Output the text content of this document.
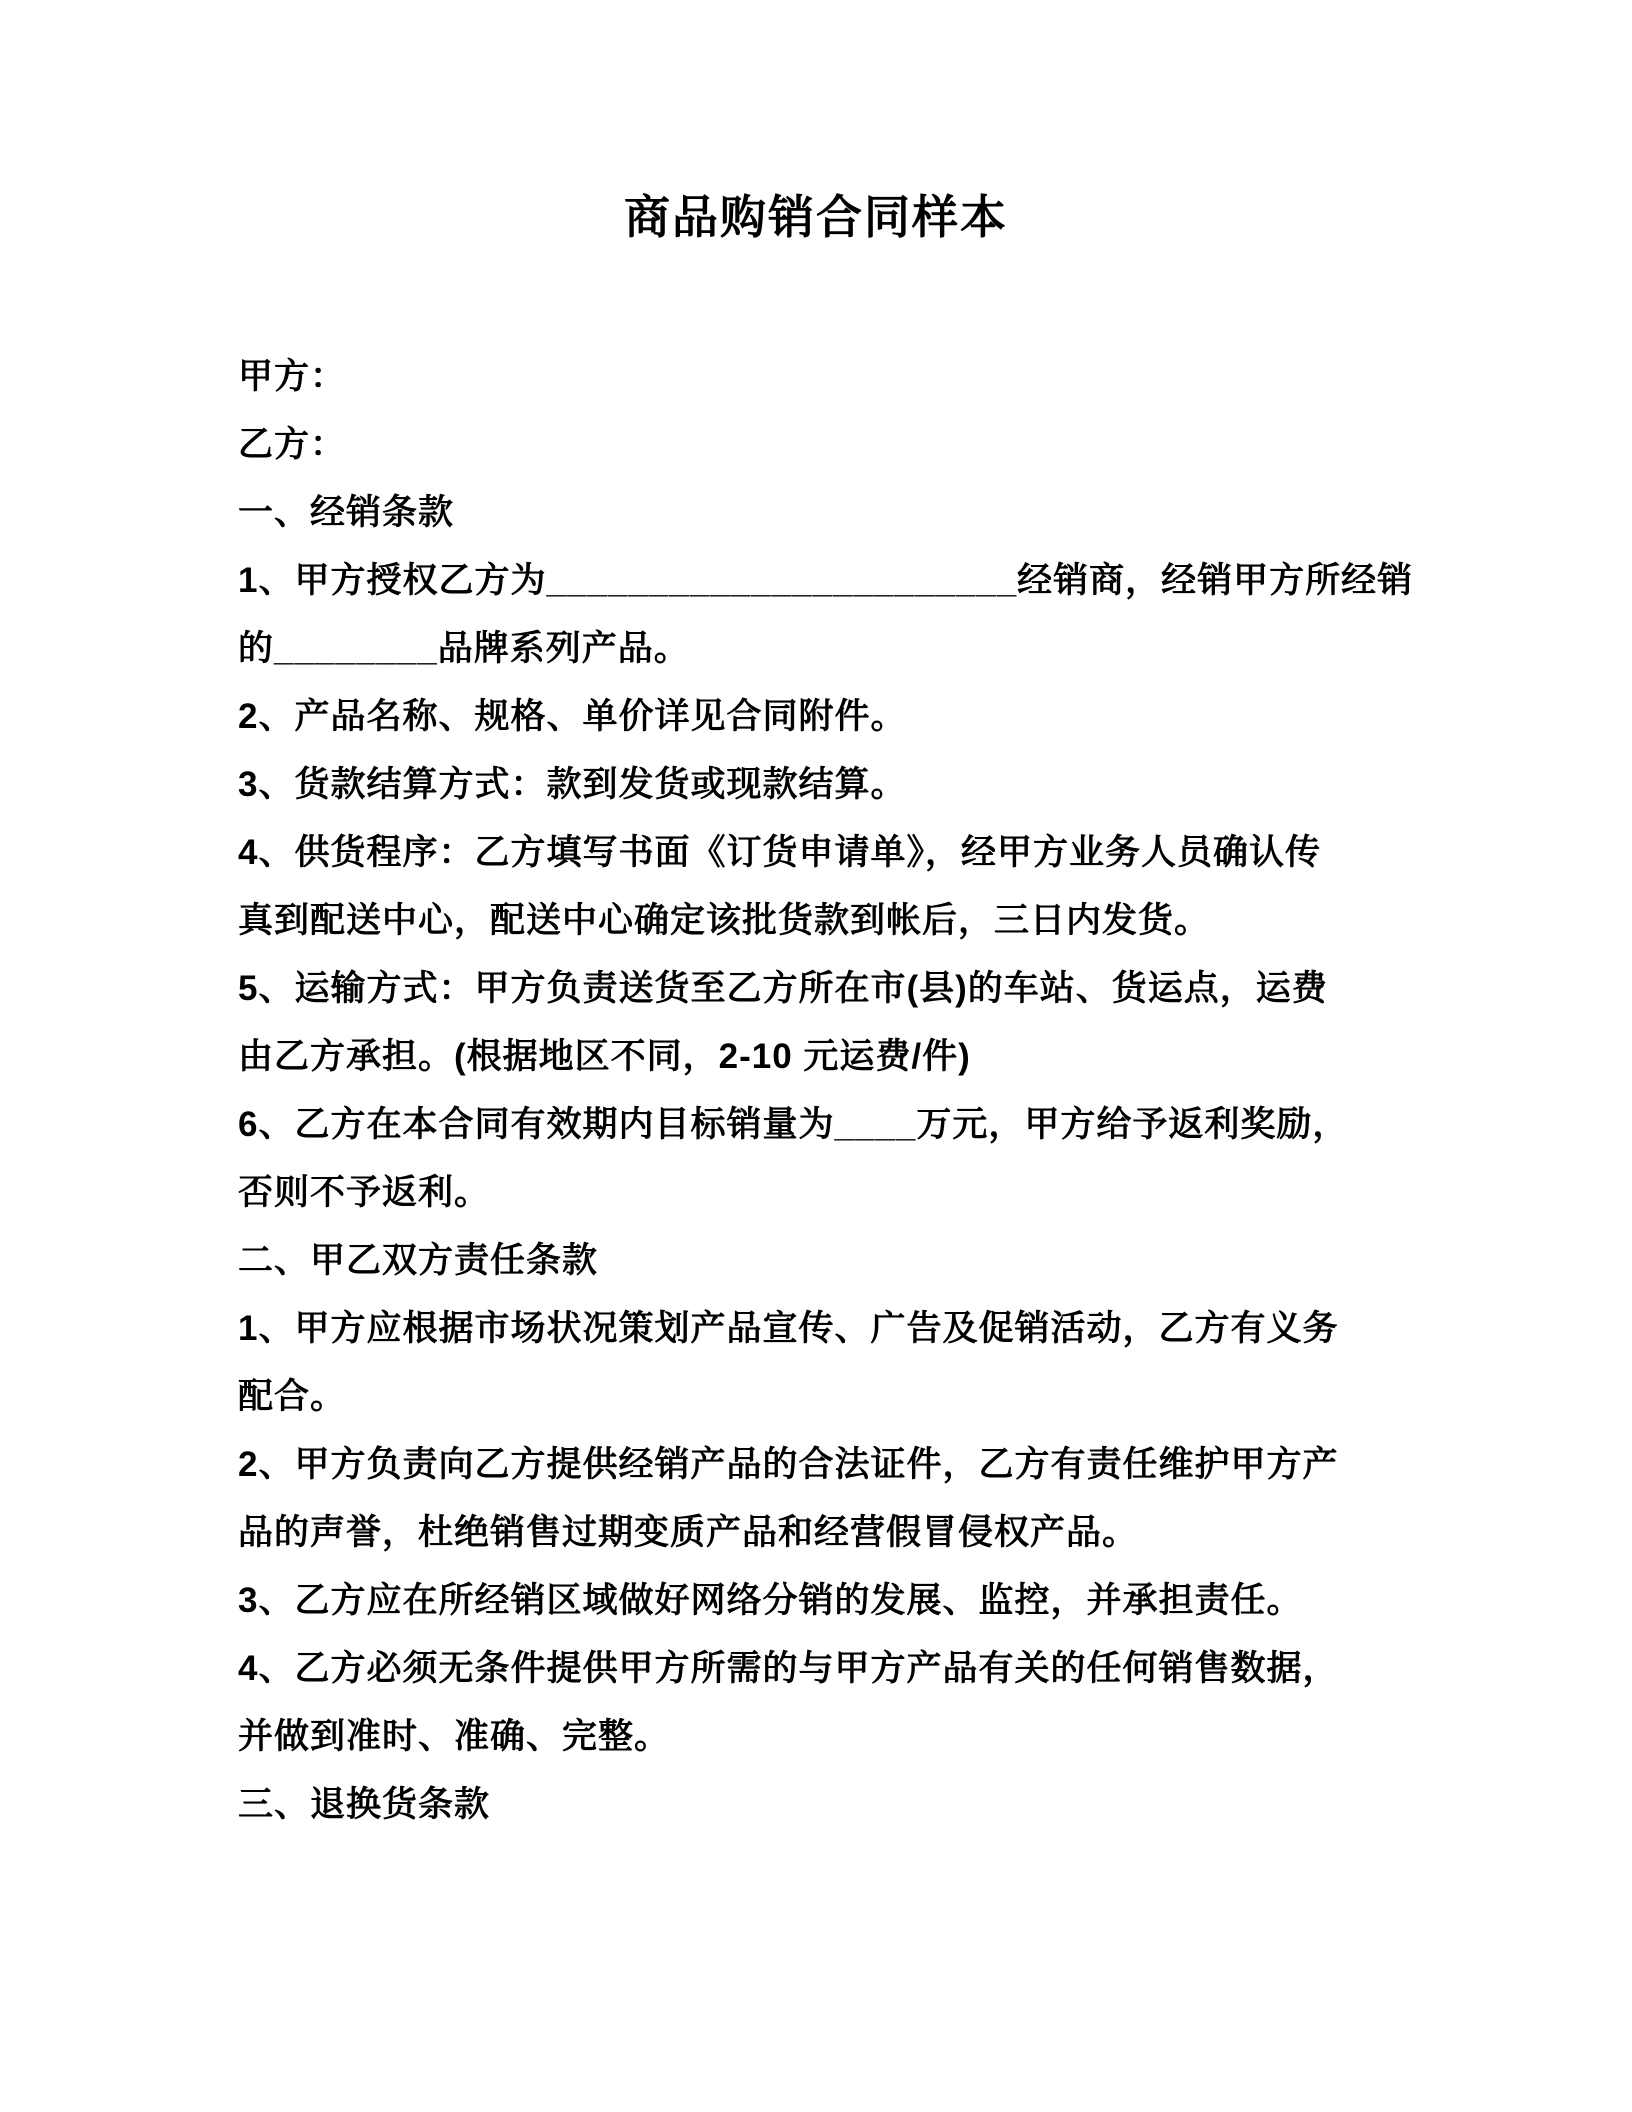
商品购销合同样本
甲方：
乙方：
一、经销条款
1、甲方授权乙方为_______________________经销商，经销甲方所经销
的________品牌系列产品。
2、产品名称、规格、单价详见合同附件。
3、货款结算方式：款到发货或现款结算。
4、供货程序：乙方填写书面《订货申请单》，经甲方业务人员确认传
真到配送中心，配送中心确定该批货款到帐后，三日内发货。
5、运输方式：甲方负责送货至乙方所在市(县)的车站、货运点，运费
由乙方承担。(根据地区不同，2-10 元运费/件)
6、乙方在本合同有效期内目标销量为____万元，甲方给予返利奖励，
否则不予返利。
二、甲乙双方责任条款
1、甲方应根据市场状况策划产品宣传、广告及促销活动，乙方有义务
配合。
2、甲方负责向乙方提供经销产品的合法证件，乙方有责任维护甲方产
品的声誉，杜绝销售过期变质产品和经营假冒侵权产品。
3、乙方应在所经销区域做好网络分销的发展、监控，并承担责任。
4、乙方必须无条件提供甲方所需的与甲方产品有关的任何销售数据，
并做到准时、准确、完整。
三、退换货条款
